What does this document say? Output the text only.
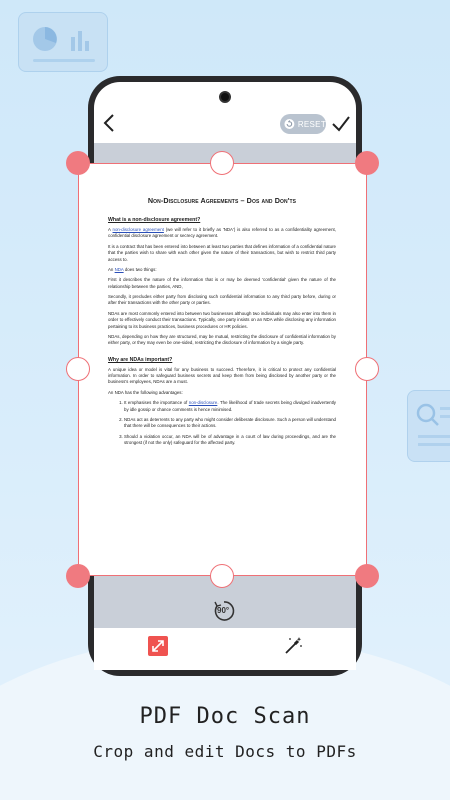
RESET
Non-Disclosure Agreements – Dos and Don'ts
What is a non-disclosure agreement?

A non-disclosure agreement (we will refer to it briefly as 'NDA') is also referred to as a confidentiality agreement, confidential disclosure agreement or secrecy agreement.

It is a contract that has been entered into between at least two parties that defines information of a confidential nature that the parties wish to share with each other given the nature of their transactions, but wish to restrict third party access to.

An NDA does two things:

First it describes the nature of the information that is or may be deemed 'confidential' given the nature of the relationship between the parties, AND,

Secondly, it precludes either party from disclosing such confidential information to any third party before, during or after their transactions with the other party or parties.

NDAs are most commonly entered into between two businesses although two individuals may also enter into them in order to effectively conduct their transactions. Typically, one party insists on an NDA while disclosing any information pertaining to its business practices, business procedures or HR policies.

NDAs, depending on how they are structured, may be mutual, restricting the disclosure of confidential information by either party, or they may even be one-sided, restricting the disclosure of information by a single party.

Why are NDAs important?

A unique idea or model is vital for any business to succeed. Therefore, it is critical to protect any confidential information. In order to safeguard business secrets and keep them from being disclosed by another party or the business's employees, NDAs are a must.

An NDA has the following advantages:

1. It emphasises the importance of non-disclosure. The likelihood of trade secrets being divulged inadvertently by idle gossip or chance comments is hence minimised.
2. NDAs act as deterrents to any party who might consider deliberate disclosure. Such a person will understand that there will be consequences to their actions.
3. Should a violation occur, an NDA will be of advantage in a court of law during proceedings, and are the strongest (if not the only) safeguard for the affected party.
90°
PDF Doc Scan
Crop and edit Docs to PDFs
